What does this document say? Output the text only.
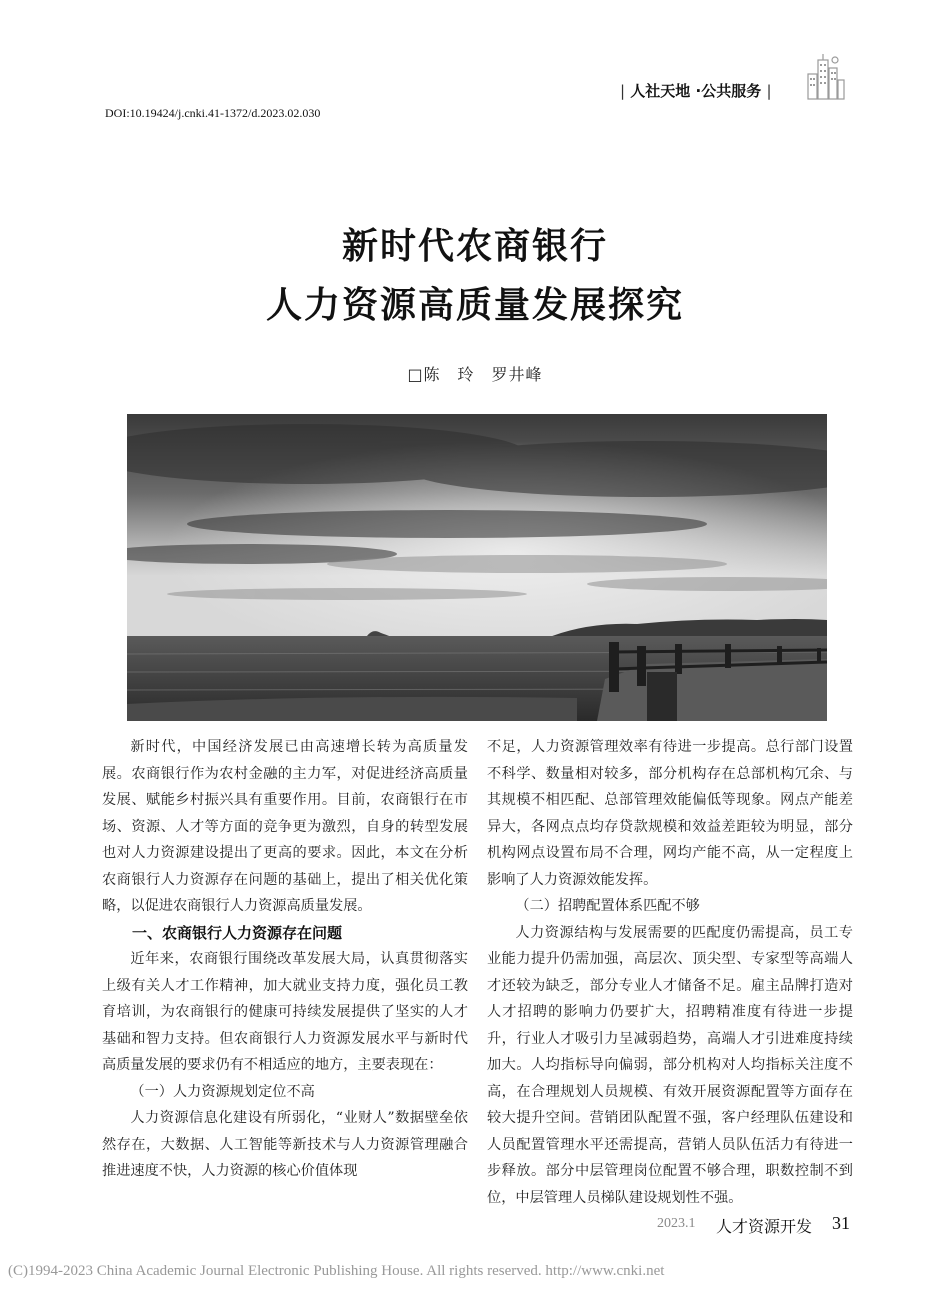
DOI:10.19424/j.cnki.41-1372/d.2023.02.030
| 人社天地 ·公共服务 |
新时代农商银行
人力资源高质量发展探究
□陈　玲　罗井峰

新时代，中国经济发展已由高速增长转为高质量发展。农商银行作为农村金融的主力军，对促进经济高质量发展、赋能乡村振兴具有重要作用。目前，农商银行在市场、资源、人才等方面的竞争更为激烈，自身的转型发展也对人力资源建设提出了更高的要求。因此，本文在分析农商银行人力资源存在问题的基础上，提出了相关优化策略，以促进农商银行人力资源高质量发展。

一、农商银行人力资源存在问题

近年来，农商银行围绕改革发展大局，认真贯彻落实上级有关人才工作精神，加大就业支持力度，强化员工教育培训，为农商银行的健康可持续发展提供了坚实的人才基础和智力支持。但农商银行人力资源发展水平与新时代高质量发展的要求仍有不相适应的地方，主要表现在：

（一）人力资源规划定位不高

人力资源信息化建设有所弱化，“业财人”数据壁垒依然存在，大数据、人工智能等新技术与人力资源管理融合推进速度不快，人力资源的核心价值体现

不足，人力资源管理效率有待进一步提高。总行部门设置不科学、数量相对较多，部分机构存在总部机构冗余、与其规模不相匹配、总部管理效能偏低等现象。网点产能差异大，各网点点均存贷款规模和效益差距较为明显，部分机构网点设置布局不合理，网均产能不高，从一定程度上影响了人力资源效能发挥。

（二）招聘配置体系匹配不够

人力资源结构与发展需要的匹配度仍需提高，员工专业能力提升仍需加强，高层次、顶尖型、专家型等高端人才还较为缺乏，部分专业人才储备不足。雇主品牌打造对人才招聘的影响力仍要扩大，招聘精准度有待进一步提升，行业人才吸引力呈减弱趋势，高端人才引进难度持续加大。人均指标导向偏弱，部分机构对人均指标关注度不高，在合理规划人员规模、有效开展资源配置等方面存在较大提升空间。营销团队配置不强，客户经理队伍建设和人员配置管理水平还需提高，营销人员队伍活力有待进一步释放。部分中层管理岗位配置不够合理，职数控制不到位，中层管理人员梯队建设规划性不强。

2023.1 人才资源开发 31
(C)1994-2023 China Academic Journal Electronic Publishing House. All rights reserved. http://www.cnki.net
